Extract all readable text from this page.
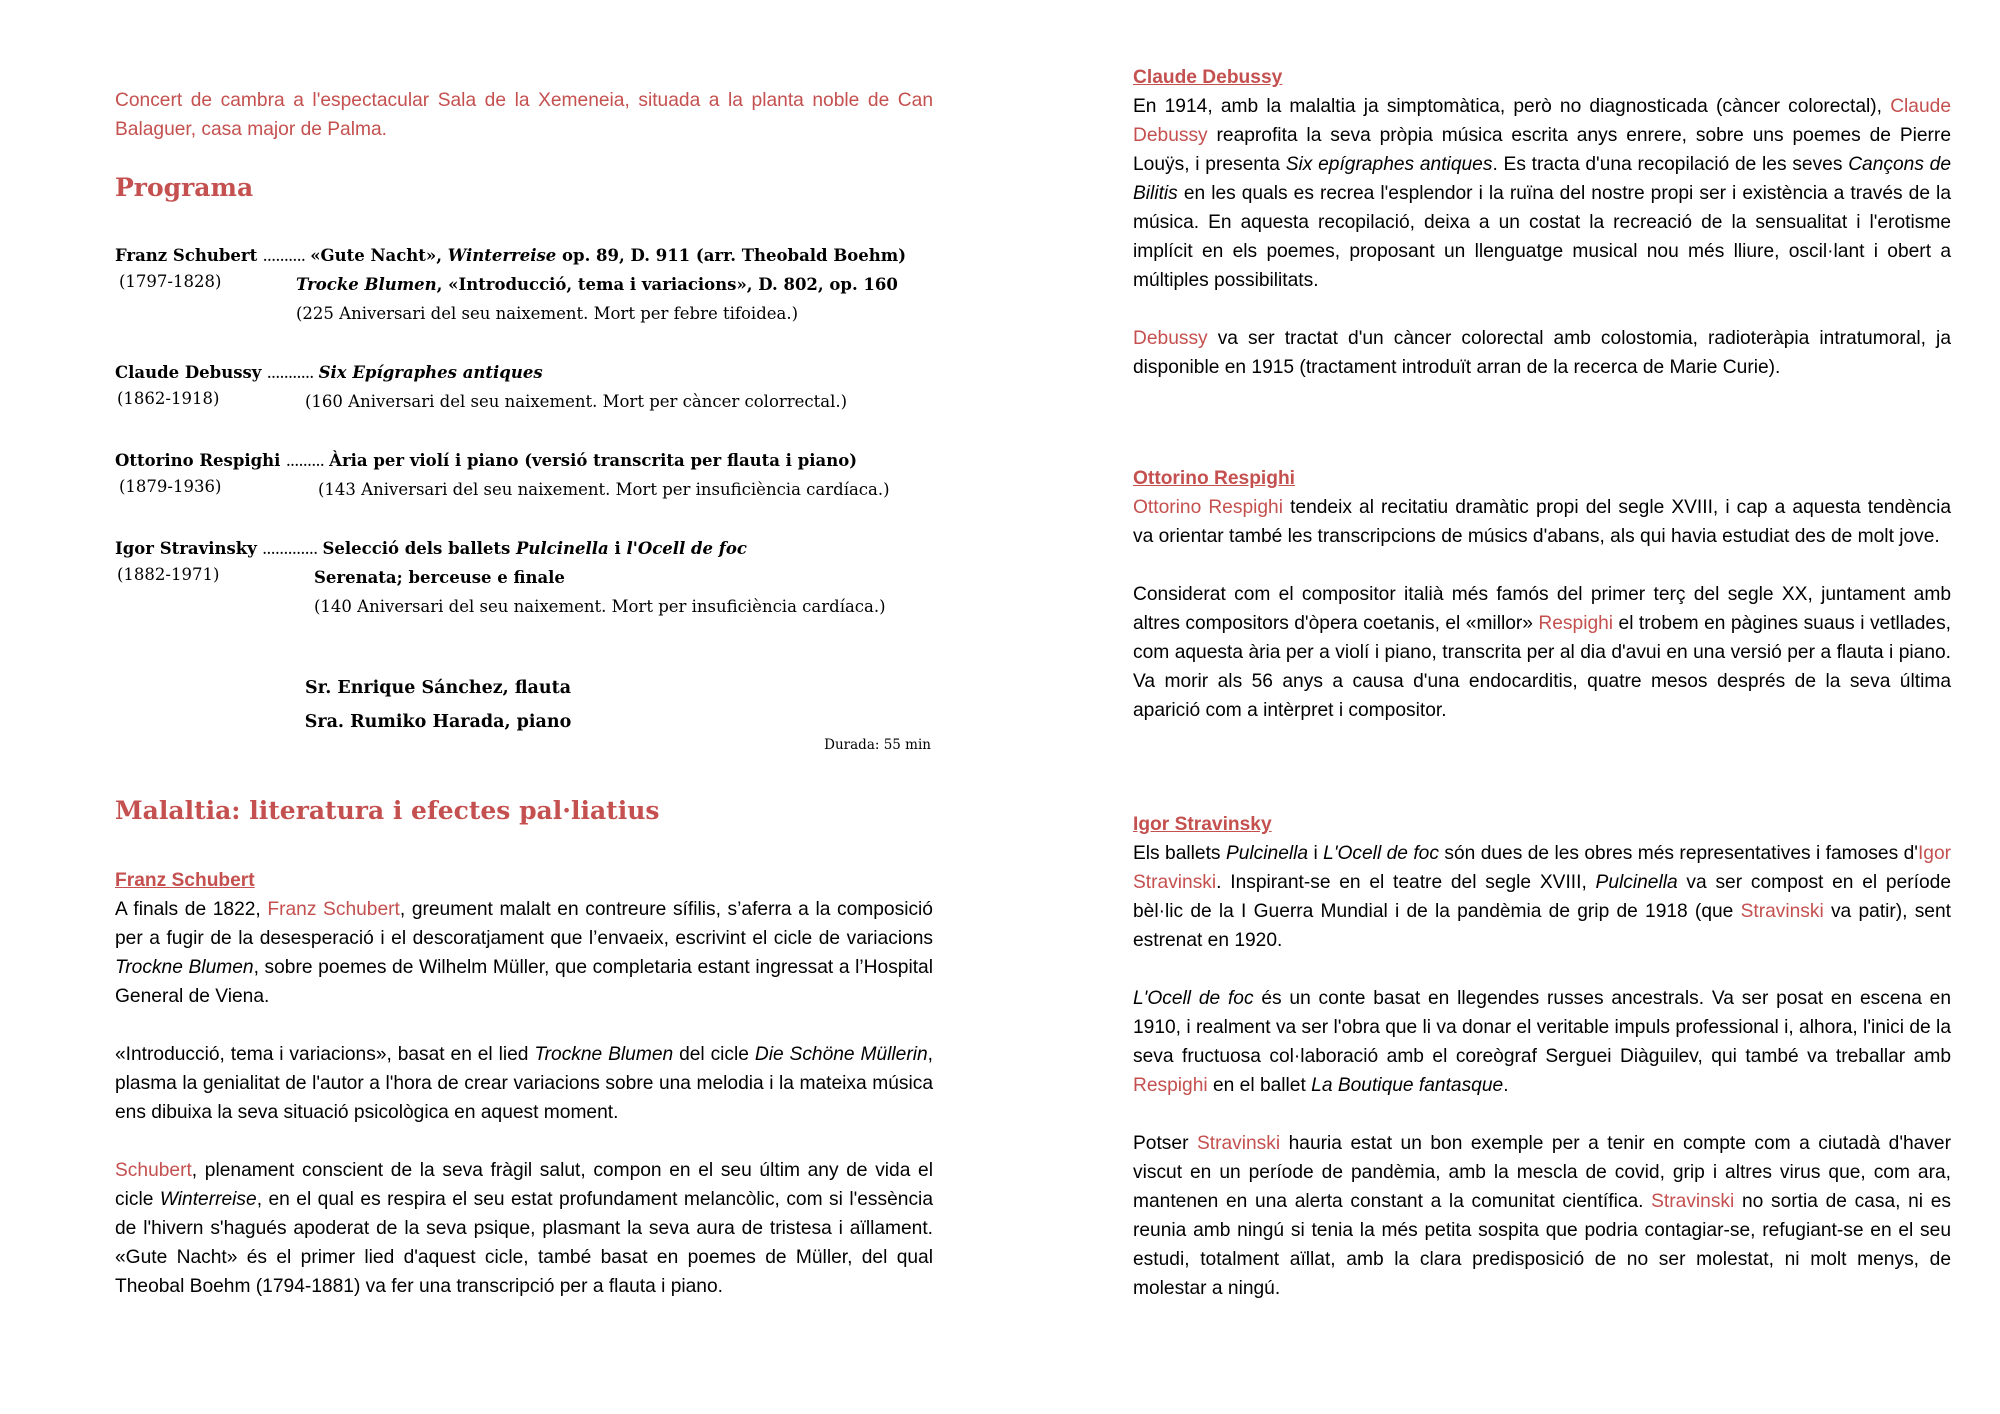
Concert de cambra a l'espectacular Sala de la Xemeneia, situada a la planta noble de Can Balaguer, casa major de Palma.
Programa
Franz Schubert .......... «Gute Nacht», Winterreise op. 89, D. 911 (arr. Theobald Boehm)
(1797-1828)	Trocke Blumen, «Introducció, tema i variacions», D. 802, op. 160
(225 Aniversari del seu naixement. Mort per febre tifoidea.)
Claude Debussy ........... Six Epígraphes antiques
(1862-1918)	(160 Aniversari del seu naixement. Mort per càncer colorrectal.)
Ottorino Respighi ......... Ària per violí i piano (versió transcrita per flauta i piano)
(1879-1936)	(143 Aniversari del seu naixement. Mort per insuficiència cardíaca.)
Igor Stravinsky ............. Selecció dels ballets Pulcinella i l'Ocell de foc
(1882-1971)	Serenata; berceuse e finale
(140 Aniversari del seu naixement. Mort per insuficiència cardíaca.)
Sr. Enrique Sánchez, flauta
Sra. Rumiko Harada, piano
Durada: 55 min
Malaltia: literatura i efectes pal·liatius
Franz Schubert

A finals de 1822, Franz Schubert, greument malalt en contreure sífilis, s’aferra a la composició per a fugir de la desesperació i el descoratjament que l’envaeix, escrivint el cicle de variacions Trockne Blumen, sobre poemes de Wilhelm Müller, que completaria estant ingressat a l’Hospital General de Viena.

«Introducció, tema i variacions», basat en el lied Trockne Blumen del cicle Die Schöne Müllerin, plasma la genialitat de l'autor a l'hora de crear variacions sobre una melodia i la mateixa música ens dibuixa la seva situació psicològica en aquest moment.

Schubert, plenament conscient de la seva fràgil salut, compon en el seu últim any de vida el cicle Winterreise, en el qual es respira el seu estat profundament melancòlic, com si l'essència de l'hivern s'hagués apoderat de la seva psique, plasmant la seva aura de tristesa i aïllament. «Gute Nacht» és el primer lied d'aquest cicle, també basat en poemes de Müller, del qual Theobal Boehm (1794-1881) va fer una transcripció per a flauta i piano.

Claude Debussy

En 1914, amb la malaltia ja simptomàtica, però no diagnosticada (càncer colorectal), Claude Debussy reaprofita la seva pròpia música escrita anys enrere, sobre uns poemes de Pierre Louÿs, i presenta Six epígraphes antiques. Es tracta d'una recopilació de les seves Cançons de Bilitis en les quals es recrea l'esplendor i la ruïna del nostre propi ser i existència a través de la música. En aquesta recopilació, deixa a un costat la recreació de la sensualitat i l'erotisme implícit en els poemes, proposant un llenguatge musical nou més lliure, oscil·lant i obert a múltiples possibilitats.

Debussy va ser tractat d'un càncer colorectal amb colostomia, radioteràpia intratumoral, ja disponible en 1915 (tractament introduït arran de la recerca de Marie Curie).

Ottorino Respighi

Ottorino Respighi tendeix al recitatiu dramàtic propi del segle XVIII, i cap a aquesta tendència va orientar també les transcripcions de músics d'abans, als qui havia estudiat des de molt jove.

Considerat com el compositor italià més famós del primer terç del segle XX, juntament amb altres compositors d'òpera coetanis, el «millor» Respighi el trobem en pàgines suaus i vetllades, com aquesta ària per a violí i piano, transcrita per al dia d'avui en una versió per a flauta i piano. Va morir als 56 anys a causa d'una endocarditis, quatre mesos després de la seva última aparició com a intèrpret i compositor.

Igor Stravinsky

Els ballets Pulcinella i L'Ocell de foc són dues de les obres més representatives i famoses d'Igor Stravinski. Inspirant-se en el teatre del segle XVIII, Pulcinella va ser compost en el període bèl·lic de la I Guerra Mundial i de la pandèmia de grip de 1918 (que Stravinski va patir), sent estrenat en 1920.

L'Ocell de foc és un conte basat en llegendes russes ancestrals. Va ser posat en escena en 1910, i realment va ser l'obra que li va donar el veritable impuls professional i, alhora, l'inici de la seva fructuosa col·laboració amb el coreògraf Serguei Diàguilev, qui també va treballar amb Respighi en el ballet La Boutique fantasque.

Potser Stravinski hauria estat un bon exemple per a tenir en compte com a ciutadà d'haver viscut en un període de pandèmia, amb la mescla de covid, grip i altres virus que, com ara, mantenen en una alerta constant a la comunitat científica. Stravinski no sortia de casa, ni es reunia amb ningú si tenia la més petita sospita que podria contagiar-se, refugiant-se en el seu estudi, totalment aïllat, amb la clara predisposició de no ser molestat, ni molt menys, de molestar a ningú.
